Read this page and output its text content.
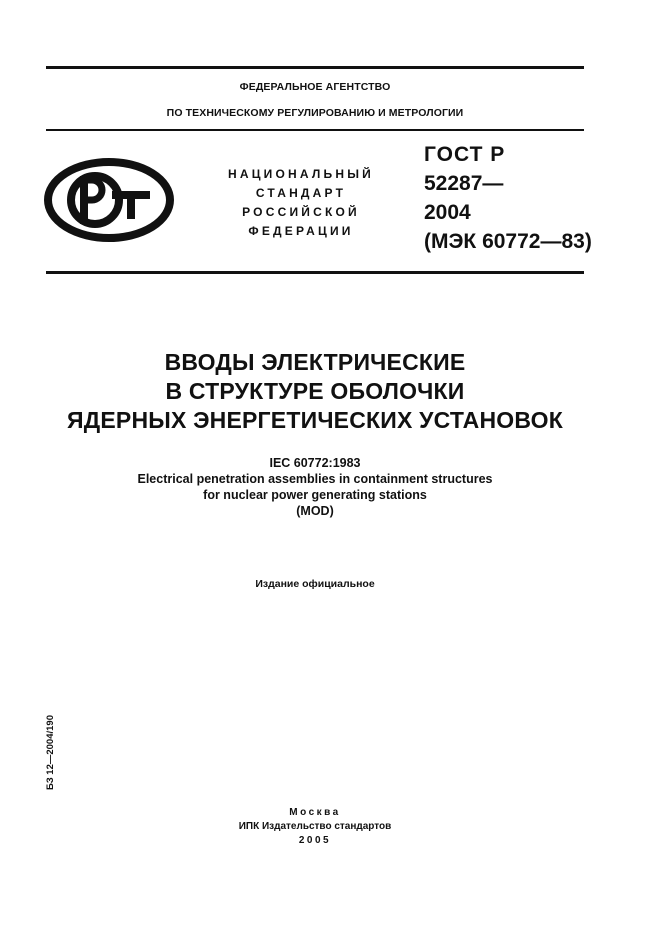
ФЕДЕРАЛЬНОЕ АГЕНТСТВО
ПО ТЕХНИЧЕСКОМУ РЕГУЛИРОВАНИЮ И МЕТРОЛОГИИ
НАЦИОНАЛЬНЫЙ
СТАНДАРТ
РОССИЙСКОЙ
ФЕДЕРАЦИИ
ГОСТ Р
52287—
2004
(МЭК 60772—83)
ВВОДЫ ЭЛЕКТРИЧЕСКИЕ
В СТРУКТУРЕ ОБОЛОЧКИ
ЯДЕРНЫХ ЭНЕРГЕТИЧЕСКИХ УСТАНОВОК
IEC 60772:1983
Electrical penetration assemblies in containment structures
for nuclear power generating stations
(MOD)
Издание официальное
БЗ 12—2004/190
Москва
ИПК Издательство стандартов
2005
